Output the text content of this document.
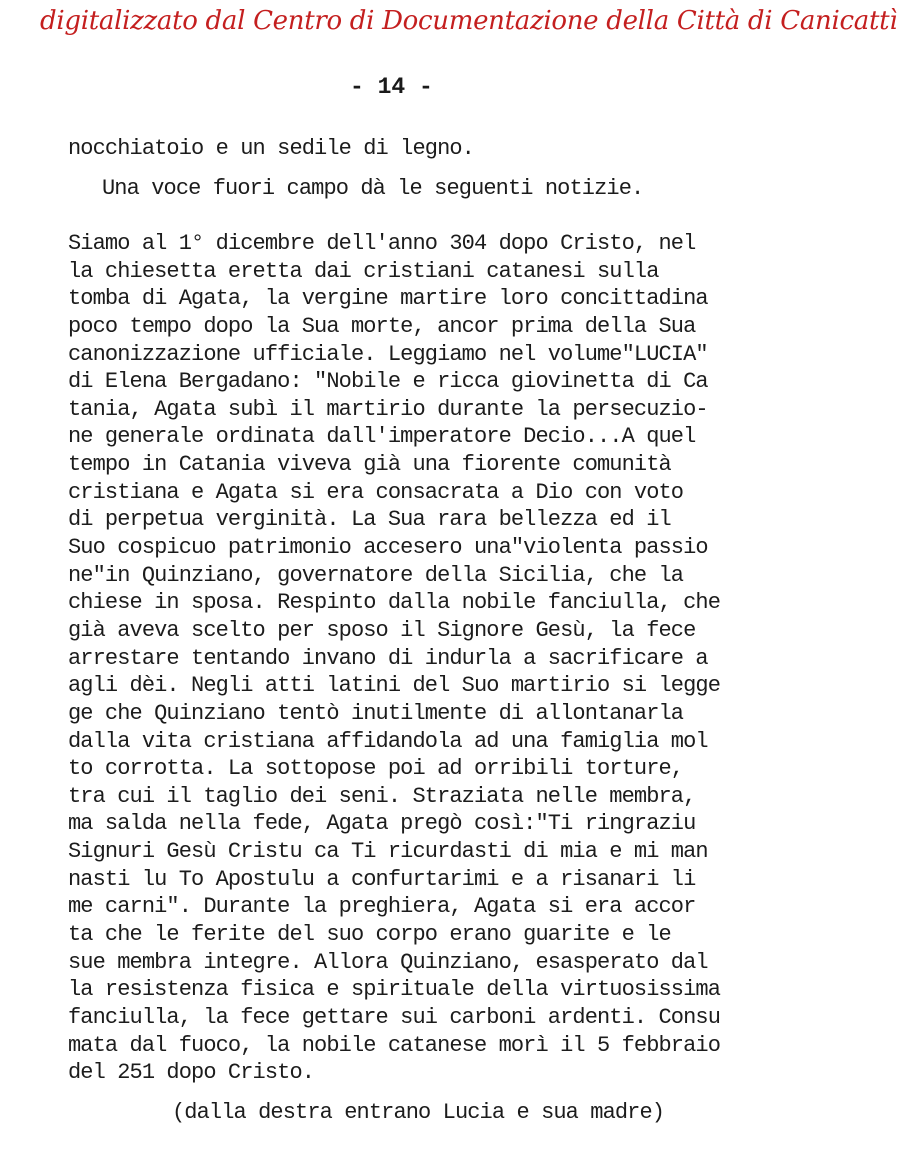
digitalizzato dal Centro di Documentazione della Città di Canicattì
- 14 -
nocchiatoio e un sedile di legno.
Una voce fuori campo dà le seguenti notizie.
Siamo al 1° dicembre dell'anno 304 dopo Cristo, nel
la chiesetta eretta dai cristiani catanesi sulla
tomba di Agata, la vergine martire loro concittadina
poco tempo dopo la Sua morte, ancor prima della Sua
canonizzazione ufficiale. Leggiamo nel volume"LUCIA"
di Elena Bergadano: "Nobile e ricca giovinetta di Ca
tania, Agata subì il martirio durante la persecuzio-
ne generale ordinata dall'imperatore Decio...A quel
tempo in Catania viveva già una fiorente comunità
cristiana e Agata si era consacrata a Dio con voto
di perpetua verginità. La Sua rara bellezza ed il
Suo cospicuo patrimonio accesero una"violenta passio
ne"in Quinziano, governatore della Sicilia, che la
chiese in sposa. Respinto dalla nobile fanciulla, che
già aveva scelto per sposo il Signore Gesù, la fece
arrestare tentando invano di indurla a sacrificare a
agli dèi. Negli atti latini del Suo martirio si legge
ge che Quinziano tentò inutilmente di allontanarla
dalla vita cristiana affidandola ad una famiglia mol
to corrotta. La sottopose poi ad orribili torture,
tra cui il taglio dei seni. Straziata nelle membra,
ma salda nella fede, Agata pregò così:"Ti ringraziu
Signuri Gesù Cristu ca Ti ricurdasti di mia e mi man
nasti lu To Apostulu a confurtarimi e a risanari li
me carni". Durante la preghiera, Agata si era accor
ta che le ferite del suo corpo erano guarite e le
sue membra integre. Allora Quinziano, esasperato dal
la resistenza fisica e spirituale della virtuosissima
fanciulla, la fece gettare sui carboni ardenti. Consu
mata dal fuoco, la nobile catanese morì il 5 febbraio
del 251 dopo Cristo.
(dalla destra entrano Lucia e sua madre)
